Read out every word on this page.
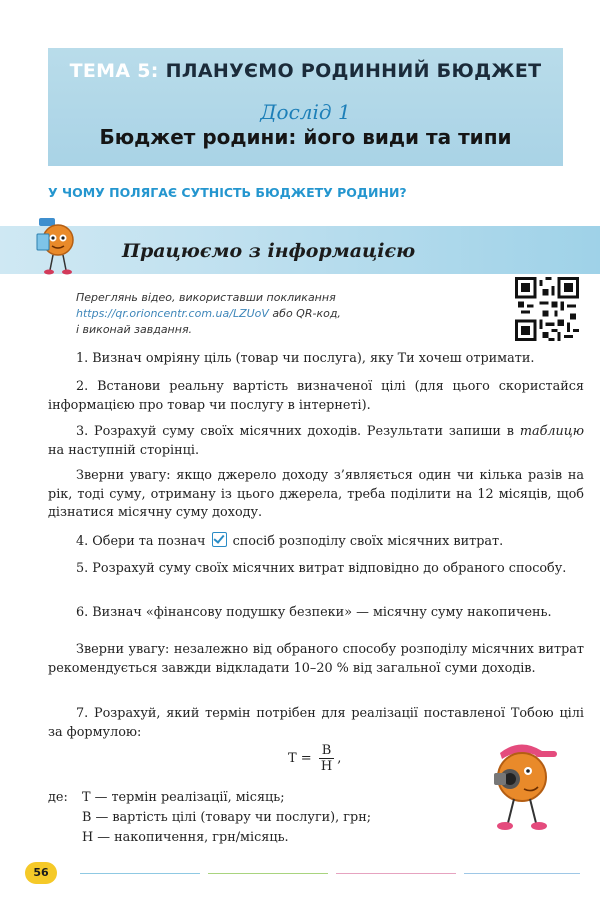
ТЕМА 5: ПЛАНУЄМО РОДИННИЙ БЮДЖЕТ
Дослід 1
Бюджет родини: його види та типи
У ЧОМУ ПОЛЯГАЄ СУТНІСТЬ БЮДЖЕТУ РОДИНИ?
Працюємо з інформацією
Переглянь відео, використавши покликання
https://qr.orioncentr.com.ua/LZUoV або QR-код,
і виконай завдання.
1. Визнач омріяну ціль (товар чи послуга), яку Ти хочеш отримати.
2. Встанови реальну вартість визначеної цілі (для цього скористайся інформацією про товар чи послугу в інтернеті).
3. Розрахуй суму своїх місячних доходів. Результати запиши в таблицю на наступній сторінці.
Зверни увагу: якщо джерело доходу з’являється один чи кілька разів на рік, тоді суму, отриману із цього джерела, треба поділити на 12 місяців, щоб дізнатися місячну суму доходу.
4. Обери та познач спосіб розподілу своїх місячних витрат.
5. Розрахуй суму своїх місячних витрат відповідно до обраного способу.
6. Визнач «фінансову подушку безпеки» — місячну суму накопичень.
Зверни увагу: незалежно від обраного способу розподілу місячних витрат рекомендується завжди відкладати 10–20 % від загальної суми доходів.
7. Розрахуй, який термін потрібен для реалізації поставленої Тобою цілі за формулою:
$Т = \frac{В}{Н}$ ,
де: Т — термін реалізації, місяць;
В — вартість цілі (товару чи послуги), грн;
Н — накопичення, грн/місяць.
56
